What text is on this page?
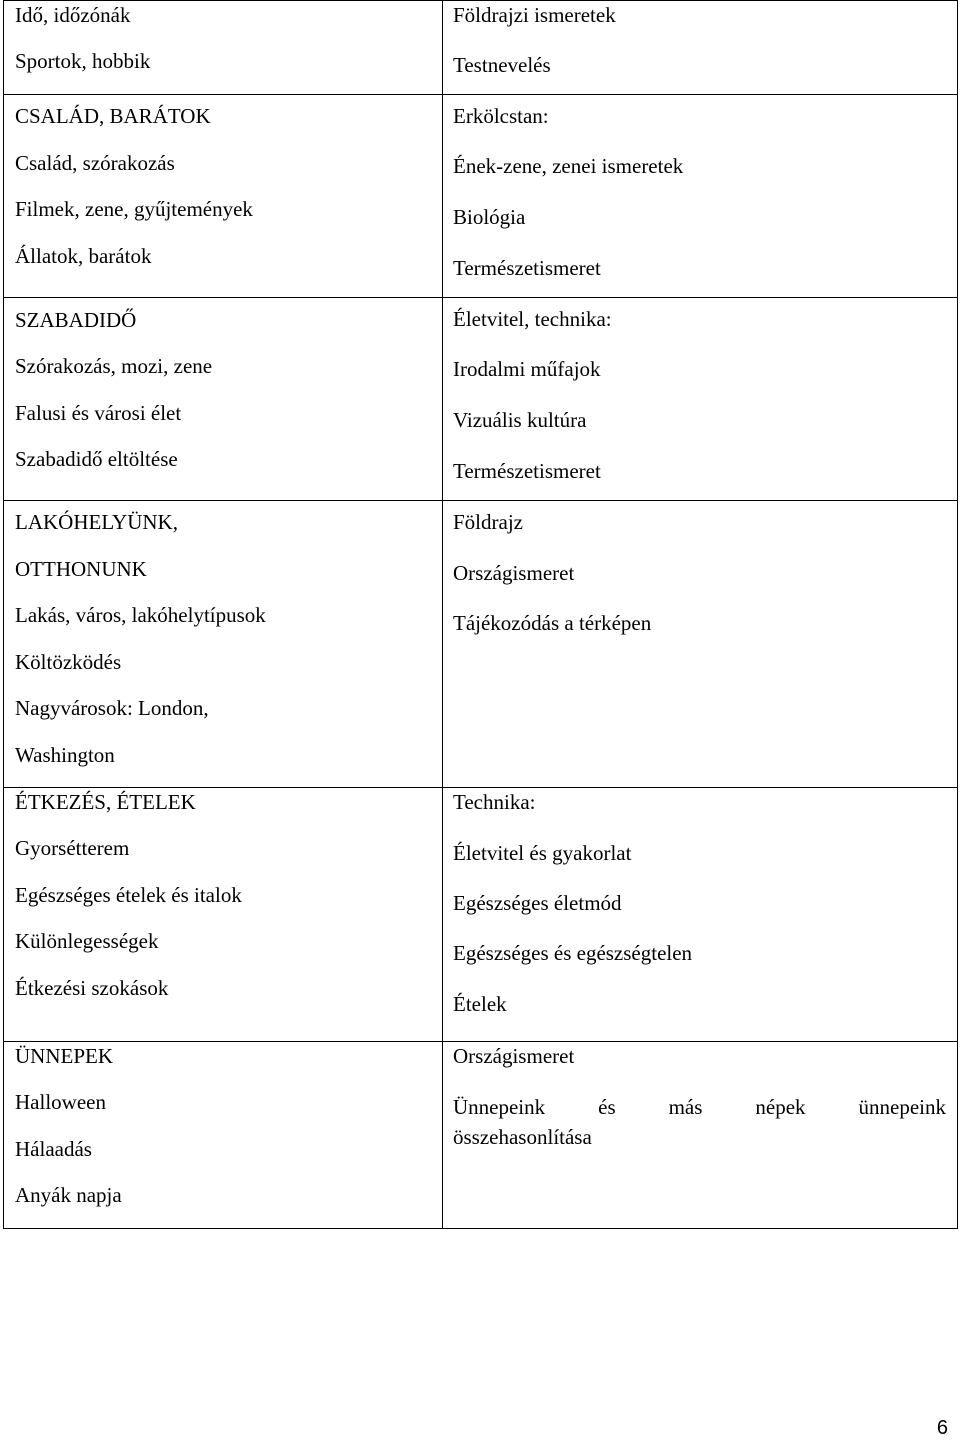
Idő, időzónák
Sportok, hobbik
Földrajzi ismeretek
Testnevelés
CSALÁD, BARÁTOK
Család, szórakozás
Filmek, zene, gyűjtemények
Állatok, barátok
Erkölcstan:
Ének-zene, zenei ismeretek
Biológia
Természetismeret
SZABADIDŐ
Szórakozás, mozi, zene
Falusi és városi élet
Szabadidő eltöltése
Életvitel, technika:
Irodalmi műfajok
Vizuális kultúra
Természetismeret
LAKÓHELYÜNK,
OTTHONUNK
Lakás, város, lakóhelytípusok
Költözködés
Nagyvárosok: London,
Washington
Földrajz
Országismeret
Tájékozódás a térképen
ÉTKEZÉS, ÉTELEK
Gyorsétterem
Egészséges ételek és italok
Különlegességek
Étkezési szokások
Technika:
Életvitel és gyakorlat
Egészséges életmód
Egészséges és egészségtelen
Ételek
ÜNNEPEK
Halloween
Hálaadás
Anyák napja
Országismeret
Ünnepeink és más népek ünnepeink
összehasonlítása
6
